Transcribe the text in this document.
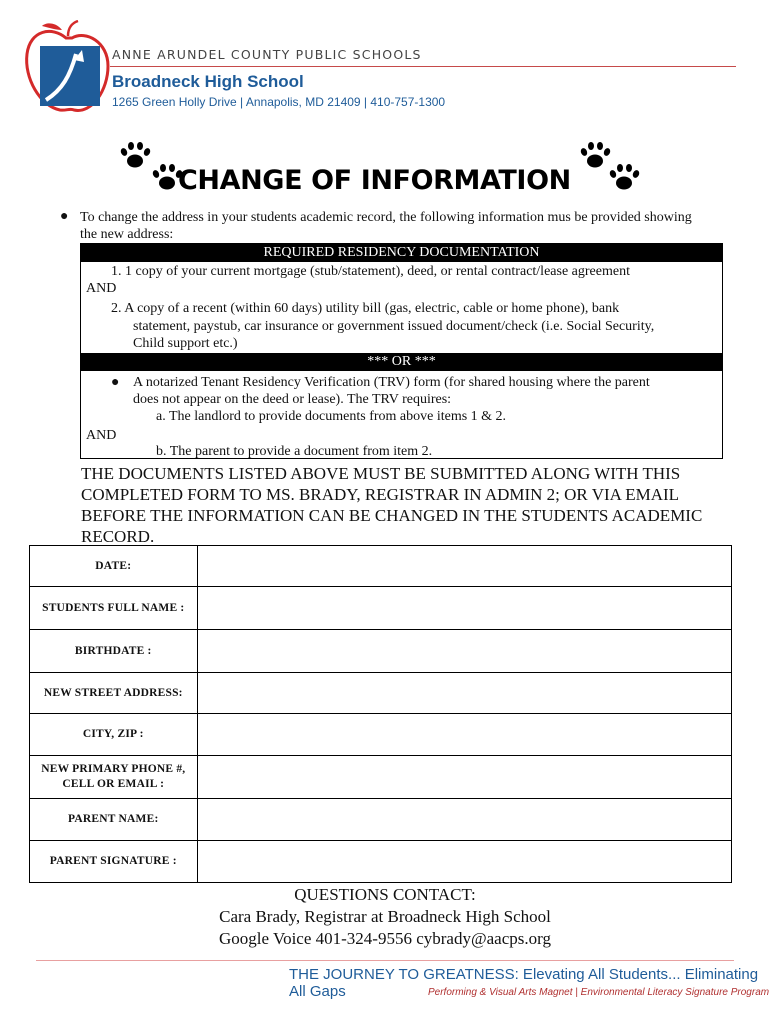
ANNE ARUNDEL COUNTY PUBLIC SCHOOLS
Broadneck High School
1265 Green Holly Drive | Annapolis, MD 21409 | 410-757-1300
CHANGE OF INFORMATION
● To change the address in your students academic record, the following information mus be provided showing the new address:
REQUIRED RESIDENCY DOCUMENTATION
1. 1 copy of your current mortgage (stub/statement), deed, or rental contract/lease agreement
AND
2. A copy of a recent (within 60 days) utility bill (gas, electric, cable or home phone), bank
statement, paystub, car insurance or government issued document/check (i.e. Social Security,
Child support etc.)
*** OR ***
● A notarized Tenant Residency Verification (TRV) form (for shared housing where the parent
does not appear on the deed or lease). The TRV requires:
a. The landlord to provide documents from above items 1 & 2.
AND
b. The parent to provide a document from item 2.
THE DOCUMENTS LISTED ABOVE MUST BE SUBMITTED ALONG WITH THIS COMPLETED FORM TO MS. BRADY, REGISTRAR IN ADMIN 2; OR VIA EMAIL BEFORE THE INFORMATION CAN BE CHANGED IN THE STUDENTS ACADEMIC RECORD.
DATE:	
STUDENTS FULL NAME :	
BIRTHDATE :	
NEW STREET ADDRESS:	
CITY, ZIP :	

NEW PRIMARY PHONE #,
CELL OR EMAIL :	

PARENT NAME:	
PARENT SIGNATURE :	
QUESTIONS CONTACT:
Cara Brady, Registrar at Broadneck High School
Google Voice 401-324-9556 cybrady@aacps.org
THE JOURNEY TO GREATNESS: Elevating All Students... Eliminating All Gaps	Performing & Visual Arts Magnet | Environmental Literacy Signature Program
